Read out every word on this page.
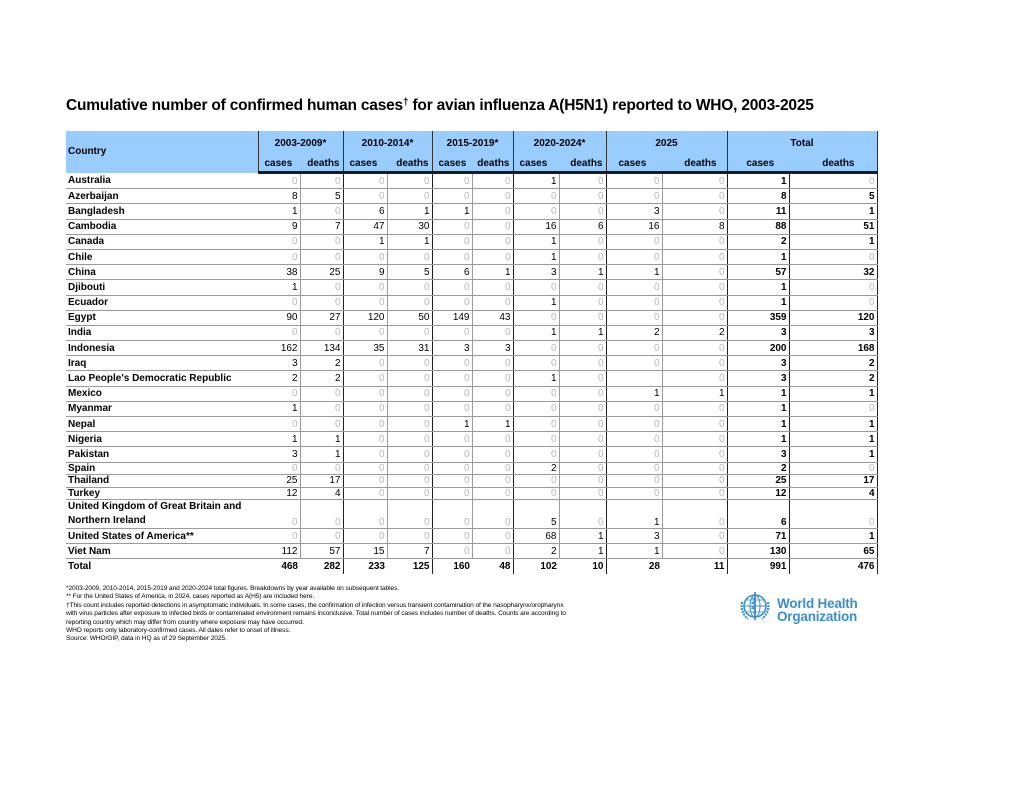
Cumulative number of confirmed human cases† for avian influenza A(H5N1) reported to WHO, 2003-2025
Country	2003-2009*		2010-2014*		2015-2019*		2020-2024*		2025		Total	
	cases	deaths	cases	deaths	cases	deaths	cases	deaths	cases	deaths	cases	deaths
Australia	0	0	0	0	0	0	1	0	0	0	1	0
Azerbaijan	8	5	0	0	0	0	0	0	0	0	8	5
Bangladesh	1	0	6	1	1	0	0	0	3	0	11	1
Cambodia	9	7	47	30	0	0	16	6	16	8	88	51
Canada	0	0	1	1	0	0	1	0	0	0	2	1
Chile	0	0	0	0	0	0	1	0	0	0	1	0
China	38	25	9	5	6	1	3	1	1	0	57	32
Djibouti	1	0	0	0	0	0	0	0	0	0	1	0
Ecuador	0	0	0	0	0	0	1	0	0	0	1	0
Egypt	90	27	120	50	149	43	0	0	0	0	359	120
India	0	0	0	0	0	0	1	1	2	2	3	3
Indonesia	162	134	35	31	3	3	0	0	0	0	200	168
Iraq	3	2	0	0	0	0	0	0	0	0	3	2
Lao People's Democratic Republic	2	2	0	0	0	0	1	0		0	3	2
Mexico	0	0	0	0	0	0	0	0	1	1	1	1
Myanmar	1	0	0	0	0	0	0	0	0	0	1	0
Nepal	0	0	0	0	1	1	0	0	0	0	1	1
Nigeria	1	1	0	0	0	0	0	0	0	0	1	1
Pakistan	3	1	0	0	0	0	0	0	0	0	3	1
Spain	0	0	0	0	0	0	2	0	0	0	2	0
Thailand	25	17	0	0	0	0	0	0	0	0	25	17
Turkey	12	4	0	0	0	0	0	0	0	0	12	4
United Kingdom of Great Britain and Northern Ireland	0	0	0	0	0	0	5	0	1	0	6	0
United States of America**	0	0	0	0	0	0	68	1	3	0	71	1
Viet Nam	112	57	15	7	0	0	2	1	1	0	130	65
Total	468	282	233	125	160	48	102	10	28	11	991	476
*2003-2009, 2010-2014, 2015-2019 and 2020-2024 total figures. Breakdowns by year available on subsequent tables.
** For the United States of America, in 2024, cases reported as A(H5) are included here.
†This count includes reported detections in asymptomatic individuals. In some cases, the confirmation of infection versus transient contamination of the nasopharynx/oropharynx with virus particles after exposure to infected birds or contaminated environment remains inconclusive. Total number of cases includes number of deaths. Counts are according to reporting country which may differ from country where exposure may have occurred.
WHO reports only laboratory-confirmed cases. All dates refer to onset of illness.
Source: WHO/GIP, data in HQ as of 29 September 2025.
World Health
Organization
